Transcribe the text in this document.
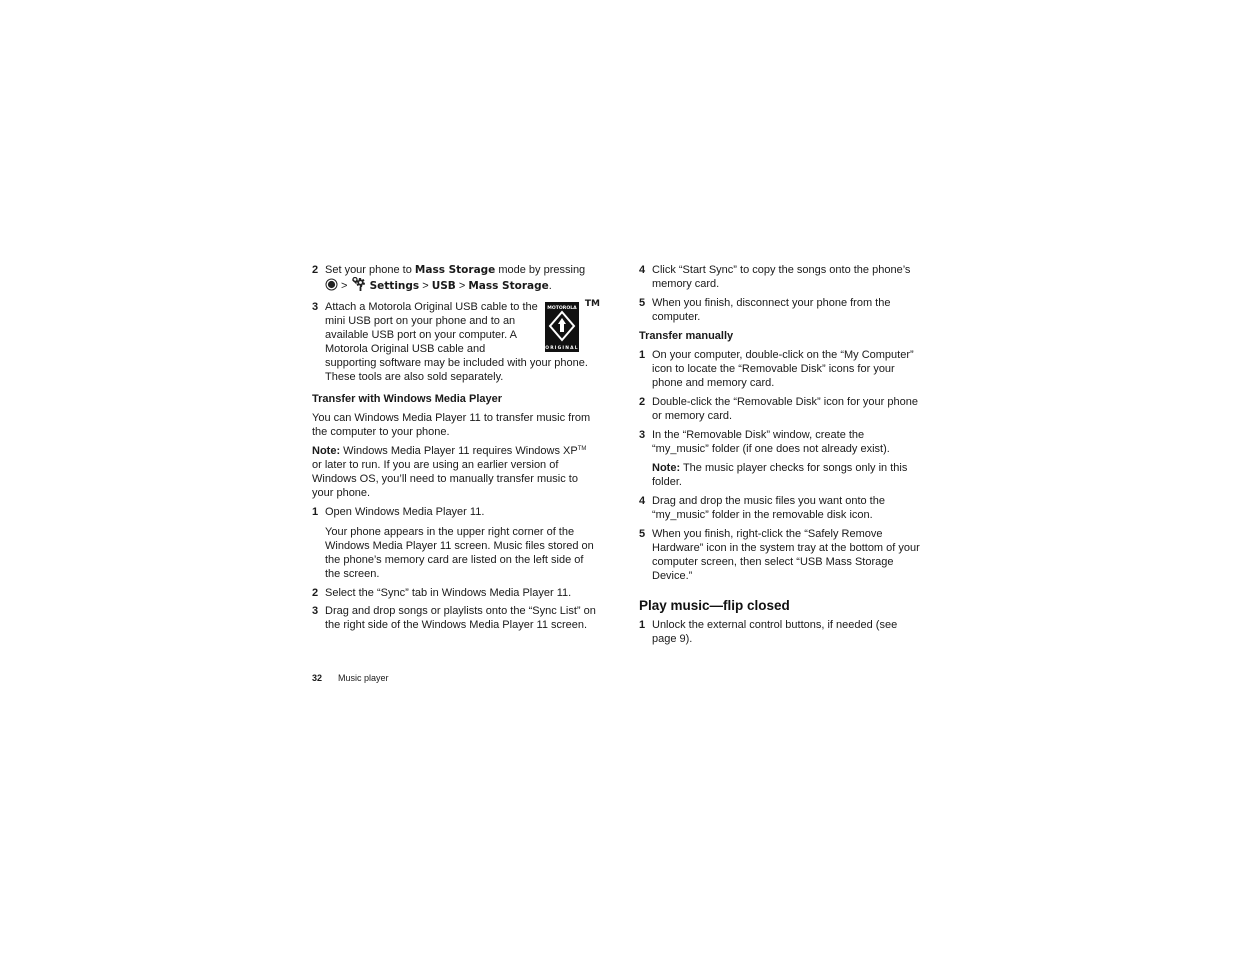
2 Set your phone to Mass Storage mode by pressing
>  Settings > USB > Mass Storage.
3	MOTOROLA
ORIGINAL
TM
Attach a Motorola Original USB cable to the mini USB port on your phone and to an available USB port on your computer. A Motorola Original USB cable and supporting software may be included with your phone. These tools are also sold separately.
Transfer with Windows Media Player
You can Windows Media Player 11 to transfer music from the computer to your phone.
Note: Windows Media Player 11 requires Windows XP™ or later to run. If you are using an earlier version of Windows OS, you’ll need to manually transfer music to your phone.
1 Open Windows Media Player 11.
Your phone appears in the upper right corner of the Windows Media Player 11 screen. Music files stored on the phone’s memory card are listed on the left side of the screen.
2 Select the “Sync” tab in Windows Media Player 11.
3 Drag and drop songs or playlists onto the “Sync List” on the right side of the Windows Media Player 11 screen.
4 Click “Start Sync” to copy the songs onto the phone’s memory card.
5 When you finish, disconnect your phone from the computer.
Transfer manually
1 On your computer, double-click on the “My Computer” icon to locate the “Removable Disk” icons for your phone and memory card.
2 Double-click the “Removable Disk” icon for your phone or memory card.
3 In the “Removable Disk” window, create the “my_music” folder (if one does not already exist).
Note: The music player checks for songs only in this folder.
4 Drag and drop the music files you want onto the “my_music” folder in the removable disk icon.
5 When you finish, right-click the “Safely Remove Hardware” icon in the system tray at the bottom of your computer screen, then select “USB Mass Storage Device.”
Play music—flip closed
1 Unlock the external control buttons, if needed (see page 9).
32 Music player
